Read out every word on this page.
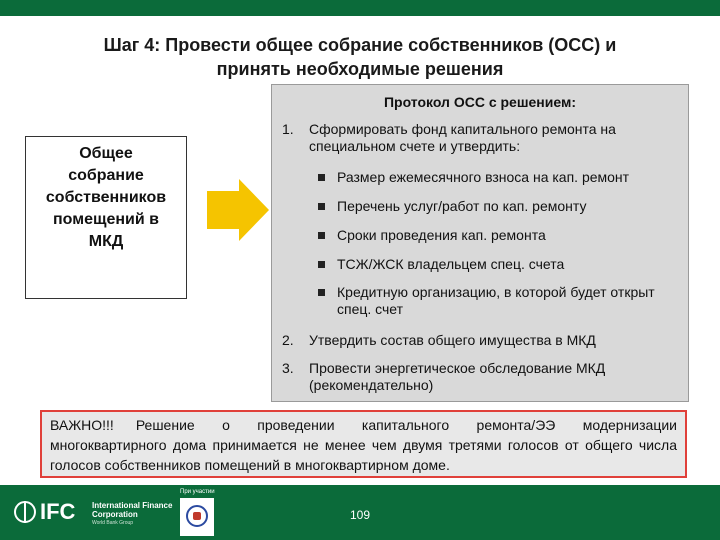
Шаг 4: Провести общее собрание собственников (ОСС) и
принять необходимые решения
Общее
собрание
собственников
помещений в
МКД
Протокол ОСС с решением:
1.	Сформировать фонд капитального ремонта на специальном счете и утвердить:
Размер ежемесячного взноса на кап. ремонт
Перечень услуг/работ по кап. ремонту
Сроки проведения кап. ремонта
ТСЖ/ЖСК владельцем спец. счета
Кредитную организацию, в которой будет открыт спец. счет
2.	Утвердить состав общего имущества в МКД
3.	Провести энергетическое обследование МКД (рекомендательно)
ВАЖНО!!! Решение о проведении капитального ремонта/ЭЭ модернизации многоквартирного дома принимается не менее чем двумя третями голосов от общего числа голосов собственников помещений в многоквартирном доме.
IFC International Finance Corporation
World Bank Group
При участии
109
